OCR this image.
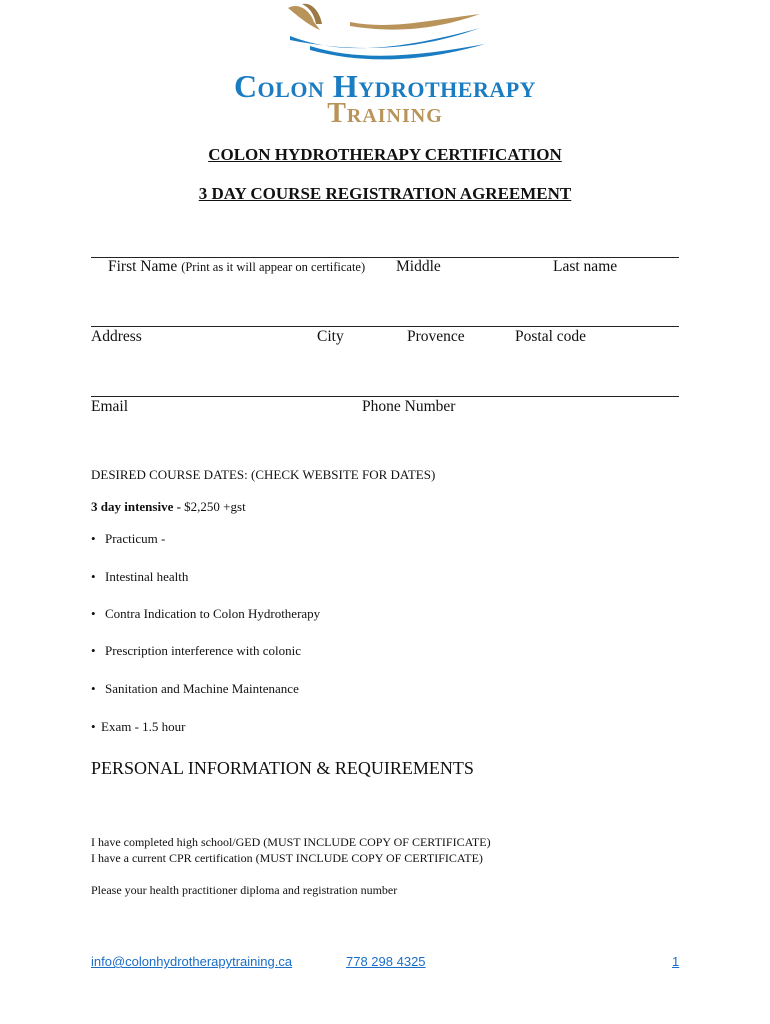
Colon Hydrotherapy
Training
COLON HYDROTHERAPY CERTIFICATION
3 DAY COURSE REGISTRATION AGREEMENT
First Name (Print as it will appear on certificate) Middle	Last name
Address	City	Provence	Postal code
Email	Phone Number
DESIRED COURSE DATES: (CHECK WEBSITE FOR DATES)
3 day intensive - $2,250 +gst
• Practicum -
• Intestinal health
• Contra Indication to Colon Hydrotherapy
• Prescription interference with colonic
• Sanitation and Machine Maintenance
• Exam - 1.5 hour
PERSONAL INFORMATION & REQUIREMENTS
I have completed high school/GED (MUST INCLUDE COPY OF CERTIFICATE)
I have a current CPR certification (MUST INCLUDE COPY OF CERTIFICATE)
Please your health practitioner diploma and registration number
info@colonhydrotherapytraining.ca	778 298 4325	1
